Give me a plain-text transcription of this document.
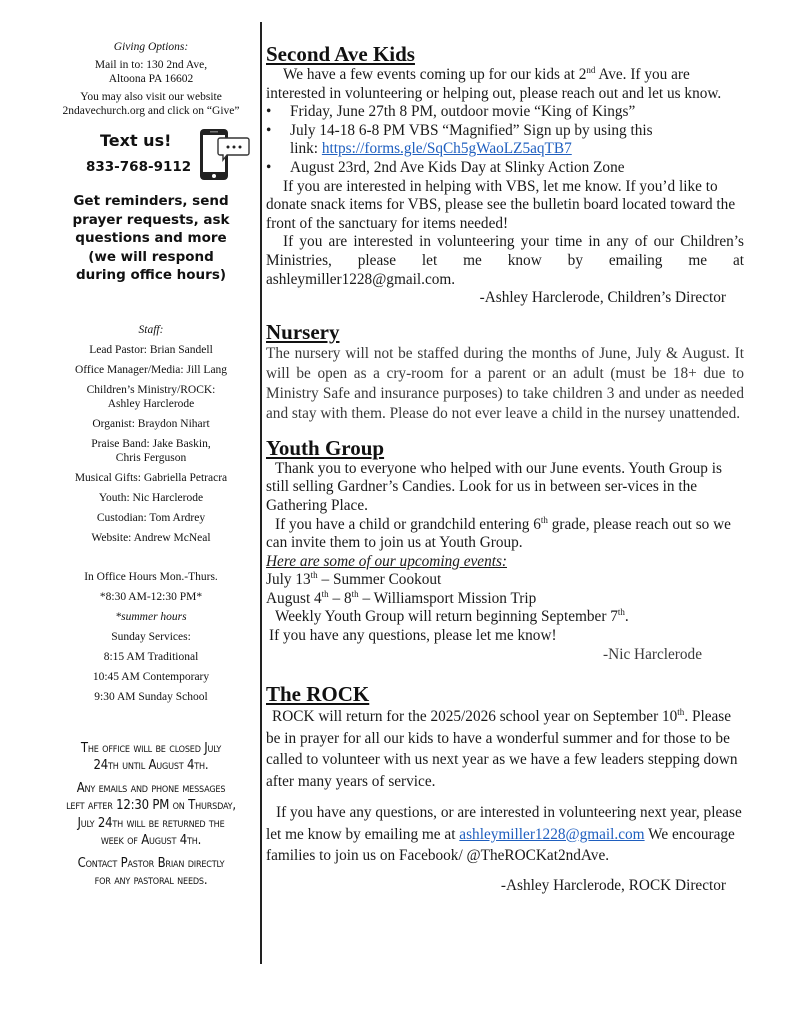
Giving Options:
Mail in to: 130 2nd Ave,
Altoona PA 16602
You may also visit our website
2ndavechurch.org and click on “Give”
Text us!
833-768-9112
Get reminders, send
prayer requests, ask
questions and more
(we will respond
during office hours)
Staff:
Lead Pastor: Brian Sandell
Office Manager/Media: Jill Lang
Children’s Ministry/ROCK:
Ashley Harclerode
Organist: Braydon Nihart
Praise Band: Jake Baskin,
Chris Ferguson
Musical Gifts: Gabriella Petracra
Youth: Nic Harclerode
Custodian: Tom Ardrey
Website: Andrew McNeal
In Office Hours Mon.-Thurs.
*8:30 AM-12:30 PM*
*summer hours
Sunday Services:
8:15 AM Traditional
10:45 AM Contemporary
9:30 AM Sunday School
The office will be closed July
24th until August 4th.
Any emails and phone messages
left after 12:30 PM on Thursday,
July 24th will be returned the
week of August 4th.
Contact Pastor Brian directly
for any pastoral needs.
Second Ave Kids
We have a few events coming up for our kids at 2nd Ave. If you are interested in volunteering or helping out, please reach out and let us know.
• Friday, June 27th 8 PM, outdoor movie “King of Kings”
• July 14-18 6-8 PM VBS “Magnified” Sign up by using this
link: https://forms.gle/SqCh5gWaoLZ5aqTB7
• August 23rd, 2nd Ave Kids Day at Slinky Action Zone
If you are interested in helping with VBS, let me know. If you’d like to donate snack items for VBS, please see the bulletin board located toward the front of the sanctuary for items needed!
If you are interested in volunteering your time in any of our Children’s Ministries, please let me know by emailing me at ashleymiller1228@gmail.com.
-Ashley Harclerode, Children’s Director
Nursery
The nursery will not be staffed during the months of June, July & August. It will be open as a cry-room for a parent or an adult (must be 18+ due to Ministry Safe and insurance purposes) to take children 3 and under as needed and stay with them. Please do not ever leave a child in the nursey unattended.
Youth Group
Thank you to everyone who helped with our June events. Youth Group is still selling Gardner’s Candies. Look for us in between ser-vices in the Gathering Place.
If you have a child or grandchild entering 6th grade, please reach out so we can invite them to join us at Youth Group.
Here are some of our upcoming events:
July 13th – Summer Cookout
August 4th – 8th – Williamsport Mission Trip
Weekly Youth Group will return beginning September 7th.
If you have any questions, please let me know!
-Nic Harclerode
The ROCK
ROCK will return for the 2025/2026 school year on September 10th. Please be in prayer for all our kids to have a wonderful summer and for those to be called to volunteer with us next year as we have a few leaders stepping down after many years of service.
If you have any questions, or are interested in volunteering next year, please let me know by emailing me at ashleymiller1228@gmail.com We encourage families to join us on Facebook/ @TheROCKat2ndAve.
-Ashley Harclerode, ROCK Director
